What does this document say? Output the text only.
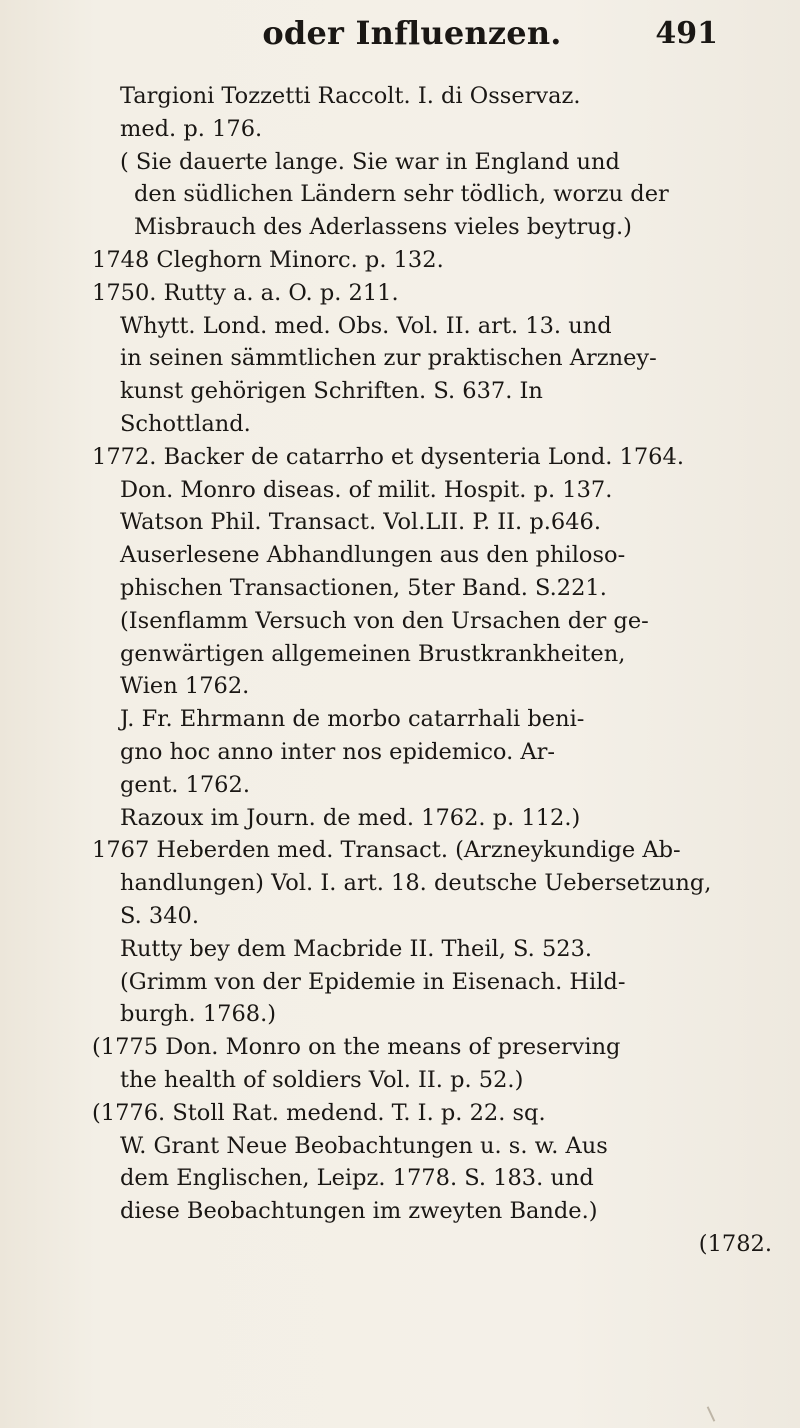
oder Influenzen.	491
Targioni Tozzetti Raccolt. I. di Osservaz.
med. p. 176.
( Sie dauerte lange. Sie war in England und
den südlichen Ländern sehr tödlich, worzu der
Misbrauch des Aderlassens vieles beytrug.)
1748 Cleghorn Minorc. p. 132.
1750. Rutty a. a. O. p. 211.
Whytt. Lond. med. Obs. Vol. II. art. 13. und
in seinen sämmtlichen zur praktischen Arzney-
kunst gehörigen Schriften. S. 637. In
Schottland.
1772. Backer de catarrho et dysenteria Lond. 1764.
Don. Monro diseas. of milit. Hospit. p. 137.
Watson Phil. Transact. Vol.LII. P. II. p.646.
Auserlesene Abhandlungen aus den philoso-
phischen Transactionen, 5ter Band. S.221.
(Isenflamm Versuch von den Ursachen der ge-
genwärtigen allgemeinen Brustkrankheiten,
Wien 1762.
J. Fr. Ehrmann de morbo catarrhali beni-
gno hoc anno inter nos epidemico. Ar-
gent. 1762.
Razoux im Journ. de med. 1762. p. 112.)
1767 Heberden med. Transact. (Arzneykundige Ab-
handlungen) Vol. I. art. 18. deutsche Uebersetzung,
S. 340.
Rutty bey dem Macbride II. Theil, S. 523.
(Grimm von der Epidemie in Eisenach. Hild-
burgh. 1768.)
(1775 Don. Monro on the means of preserving
the health of soldiers Vol. II. p. 52.)
(1776. Stoll Rat. medend. T. I. p. 22. sq.
W. Grant Neue Beobachtungen u. s. w. Aus
dem Englischen, Leipz. 1778. S. 183. und
diese Beobachtungen im zweyten Bande.)
(1782.
